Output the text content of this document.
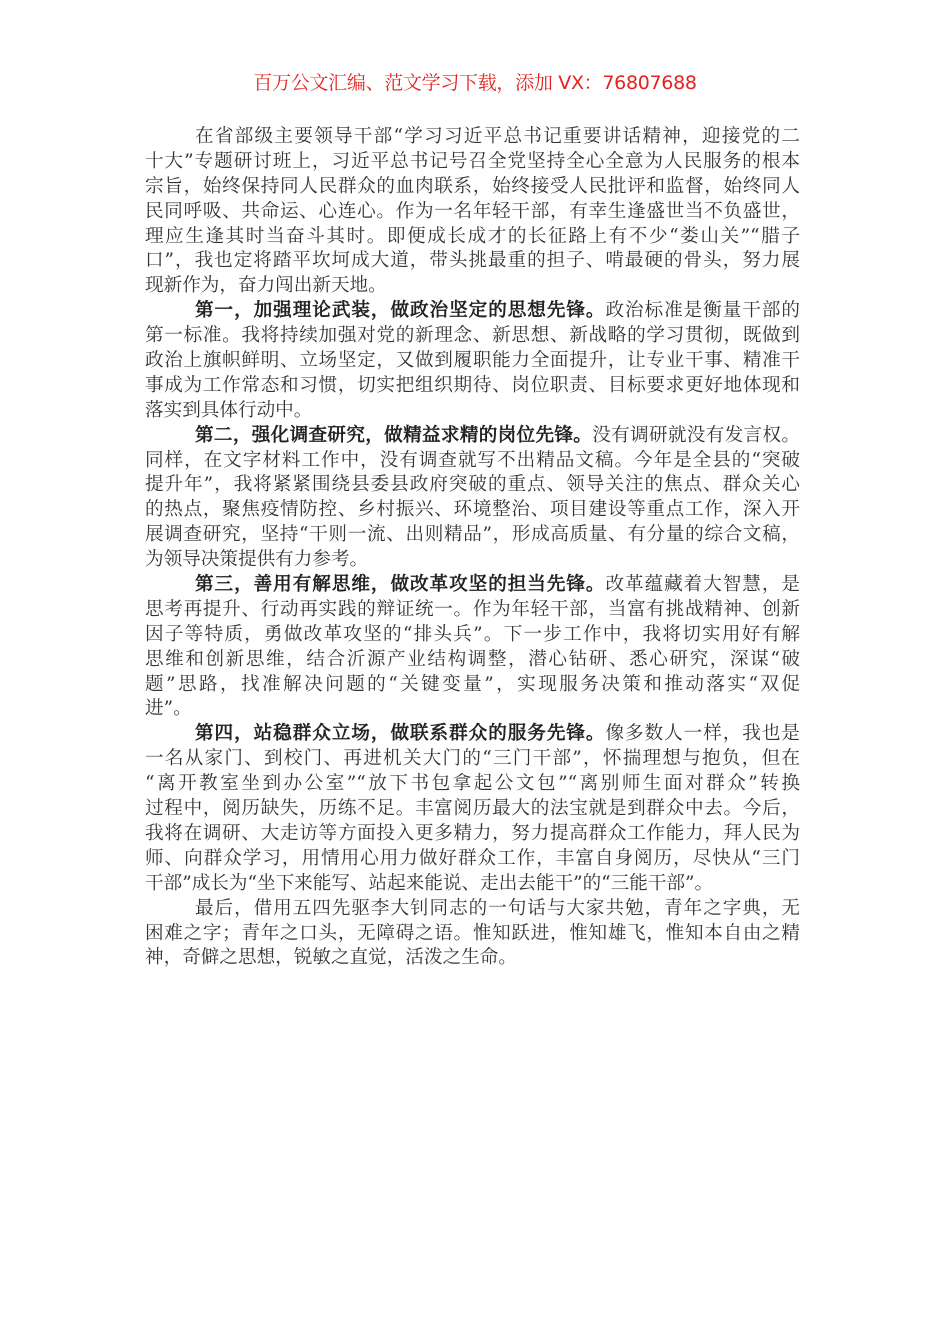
百万公文汇编、范文学习下载，添加 VX：76807688
在省部级主要领导干部“学习习近平总书记重要讲话精神，迎接党的二
十大”专题研讨班上，习近平总书记号召全党坚持全心全意为人民服务的根本
宗旨，始终保持同人民群众的血肉联系，始终接受人民批评和监督，始终同人
民同呼吸、共命运、心连心。作为一名年轻干部，有幸生逢盛世当不负盛世，
理应生逢其时当奋斗其时。即便成长成才的长征路上有不少“娄山关”“腊子
口”，我也定将踏平坎坷成大道，带头挑最重的担子、啃最硬的骨头，努力展
现新作为，奋力闯出新天地。
第一，加强理论武装，做政治坚定的思想先锋。政治标准是衡量干部的
第一标准。我将持续加强对党的新理念、新思想、新战略的学习贯彻，既做到
政治上旗帜鲜明、立场坚定，又做到履职能力全面提升，让专业干事、精准干
事成为工作常态和习惯，切实把组织期待、岗位职责、目标要求更好地体现和
落实到具体行动中。
第二，强化调查研究，做精益求精的岗位先锋。没有调研就没有发言权。
同样，在文字材料工作中，没有调查就写不出精品文稿。今年是全县的“突破
提升年”，我将紧紧围绕县委县政府突破的重点、领导关注的焦点、群众关心
的热点，聚焦疫情防控、乡村振兴、环境整治、项目建设等重点工作，深入开
展调查研究，坚持“干则一流、出则精品”，形成高质量、有分量的综合文稿，
为领导决策提供有力参考。
第三，善用有解思维，做改革攻坚的担当先锋。改革蕴藏着大智慧，是
思考再提升、行动再实践的辩证统一。作为年轻干部，当富有挑战精神、创新
因子等特质，勇做改革攻坚的“排头兵”。下一步工作中，我将切实用好有解
思维和创新思维，结合沂源产业结构调整，潜心钻研、悉心研究，深谋“破
题”思路，找准解决问题的“关键变量”，实现服务决策和推动落实“双促
进”。
第四，站稳群众立场，做联系群众的服务先锋。像多数人一样，我也是
一名从家门、到校门、再进机关大门的“三门干部”，怀揣理想与抱负，但在
“离开教室坐到办公室”“放下书包拿起公文包”“离别师生面对群众”转换
过程中，阅历缺失，历练不足。丰富阅历最大的法宝就是到群众中去。今后，
我将在调研、大走访等方面投入更多精力，努力提高群众工作能力，拜人民为
师、向群众学习，用情用心用力做好群众工作，丰富自身阅历，尽快从“三门
干部”成长为“坐下来能写、站起来能说、走出去能干”的“三能干部”。
最后，借用五四先驱李大钊同志的一句话与大家共勉，青年之字典，无
困难之字；青年之口头，无障碍之语。惟知跃进，惟知雄飞，惟知本自由之精
神，奇僻之思想，锐敏之直觉，活泼之生命。
